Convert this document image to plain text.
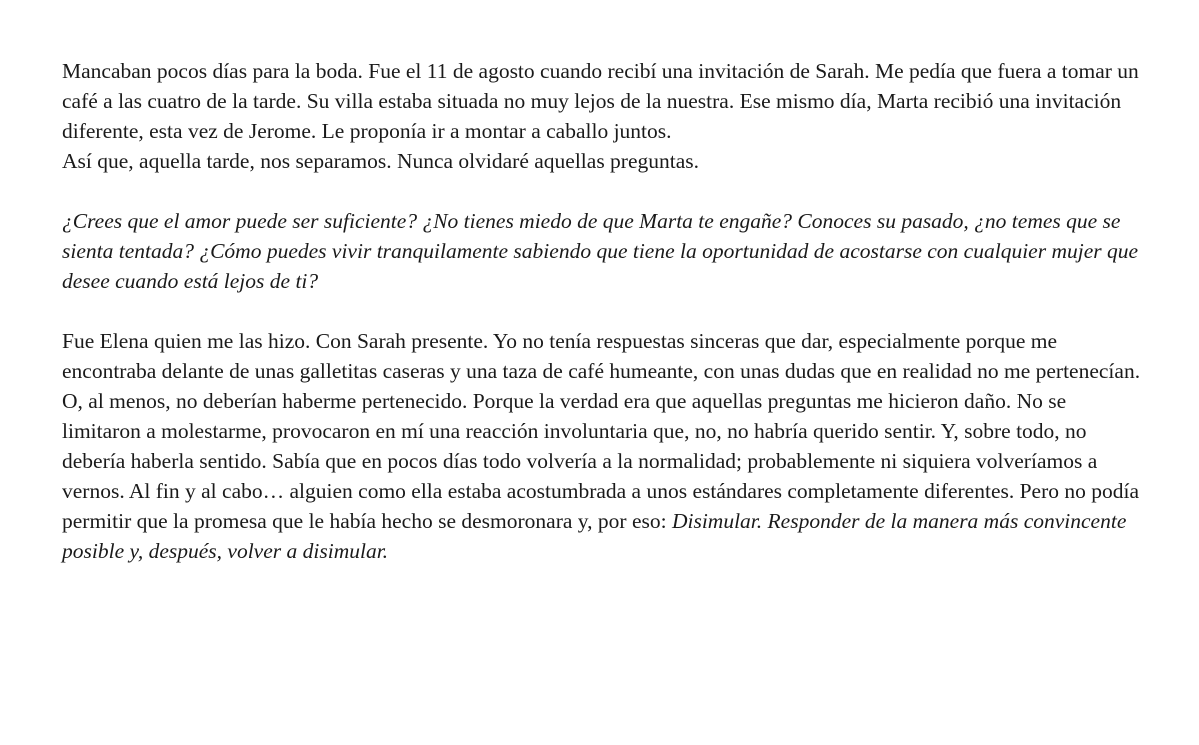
Mancaban pocos días para la boda. Fue el 11 de agosto cuando recibí una invitación de Sarah. Me pedía que fuera a tomar un café a las cuatro de la tarde. Su villa estaba situada no muy lejos de la nuestra. Ese mismo día, Marta recibió una invitación diferente, esta vez de Jerome. Le proponía ir a montar a caballo juntos.
Así que, aquella tarde, nos separamos. Nunca olvidaré aquellas preguntas.

¿Crees que el amor puede ser suficiente? ¿No tienes miedo de que Marta te engañe? Conoces su pasado, ¿no temes que se sienta tentada? ¿Cómo puedes vivir tranquilamente sabiendo que tiene la oportunidad de acostarse con cualquier mujer que desee cuando está lejos de ti?

Fue Elena quien me las hizo. Con Sarah presente. Yo no tenía respuestas sinceras que dar, especialmente porque me encontraba delante de unas galletitas caseras y una taza de café humeante, con unas dudas que en realidad no me pertenecían. O, al menos, no deberían haberme pertenecido. Porque la verdad era que aquellas preguntas me hicieron daño. No se limitaron a molestarme, provocaron en mí una reacción involuntaria que, no, no habría querido sentir. Y, sobre todo, no debería haberla sentido. Sabía que en pocos días todo volvería a la normalidad; probablemente ni siquiera volveríamos a vernos. Al fin y al cabo… alguien como ella estaba acostumbrada a unos estándares completamente diferentes. Pero no podía permitir que la promesa que le había hecho se desmoronara y, por eso: Disimular. Responder de la manera más convincente posible y, después, volver a disimular.
